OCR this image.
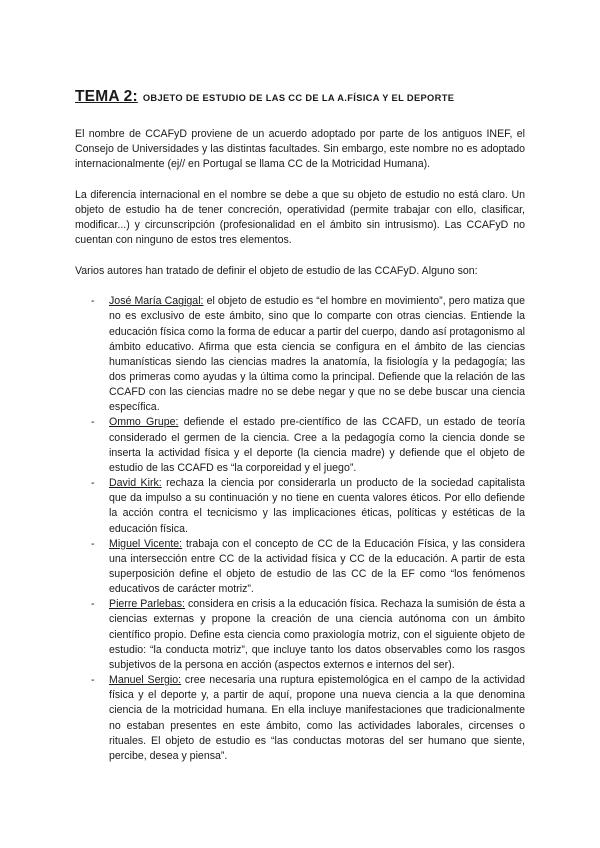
TEMA 2: OBJETO DE ESTUDIO DE LAS CC DE LA A.FÍSICA Y EL DEPORTE

El nombre de CCAFyD proviene de un acuerdo adoptado por parte de los antiguos INEF, el Consejo de Universidades y las distintas facultades. Sin embargo, este nombre no es adoptado internacionalmente (ej// en Portugal se llama CC de la Motricidad Humana).

La diferencia internacional en el nombre se debe a que su objeto de estudio no está claro. Un objeto de estudio ha de tener concreción, operatividad (permite trabajar con ello, clasificar, modificar...) y circunscripción (profesionalidad en el ámbito sin intrusismo). Las CCAFyD no cuentan con ninguno de estos tres elementos.

Varios autores han tratado de definir el objeto de estudio de las CCAFyD. Alguno son:

- José María Cagigal: el objeto de estudio es “el hombre en movimiento”, pero matiza que no es exclusivo de este ámbito, sino que lo comparte con otras ciencias. Entiende la educación física como la forma de educar a partir del cuerpo, dando así protagonismo al ámbito educativo. Afirma que esta ciencia se configura en el ámbito de las ciencias humanísticas siendo las ciencias madres la anatomía, la fisiología y la pedagogía; las dos primeras como ayudas y la última como la principal. Defiende que la relación de las CCAFD con las ciencias madre no se debe negar y que no se debe buscar una ciencia específica.
- Ommo Grupe: defiende el estado pre-científico de las CCAFD, un estado de teoría considerado el germen de la ciencia. Cree a la pedagogía como la ciencia donde se inserta la actividad física y el deporte (la ciencia madre) y defiende que el objeto de estudio de las CCAFD es “la corporeidad y el juego”.
- David Kirk: rechaza la ciencia por considerarla un producto de la sociedad capitalista que da impulso a su continuación y no tiene en cuenta valores éticos. Por ello defiende la acción contra el tecnicismo y las implicaciones éticas, políticas y estéticas de la educación física.
- Miguel Vicente: trabaja con el concepto de CC de la Educación Física, y las considera una intersección entre CC de la actividad física y CC de la educación. A partir de esta superposición define el objeto de estudio de las CC de la EF como “los fenómenos educativos de carácter motriz”.
- Pierre Parlebas: considera en crisis a la educación física. Rechaza la sumisión de ésta a ciencias externas y propone la creación de una ciencia autónoma con un ámbito científico propio. Define esta ciencia como praxiología motriz, con el siguiente objeto de estudio: “la conducta motriz”, que incluye tanto los datos observables como los rasgos subjetivos de la persona en acción (aspectos externos e internos del ser).
- Manuel Sergio: cree necesaria una ruptura epistemológica en el campo de la actividad física y el deporte y, a partir de aquí, propone una nueva ciencia a la que denomina ciencia de la motricidad humana. En ella incluye manifestaciones que tradicionalmente no estaban presentes en este ámbito, como las actividades laborales, circenses o rituales. El objeto de estudio es “las conductas motoras del ser humano que siente, percibe, desea y piensa”.
